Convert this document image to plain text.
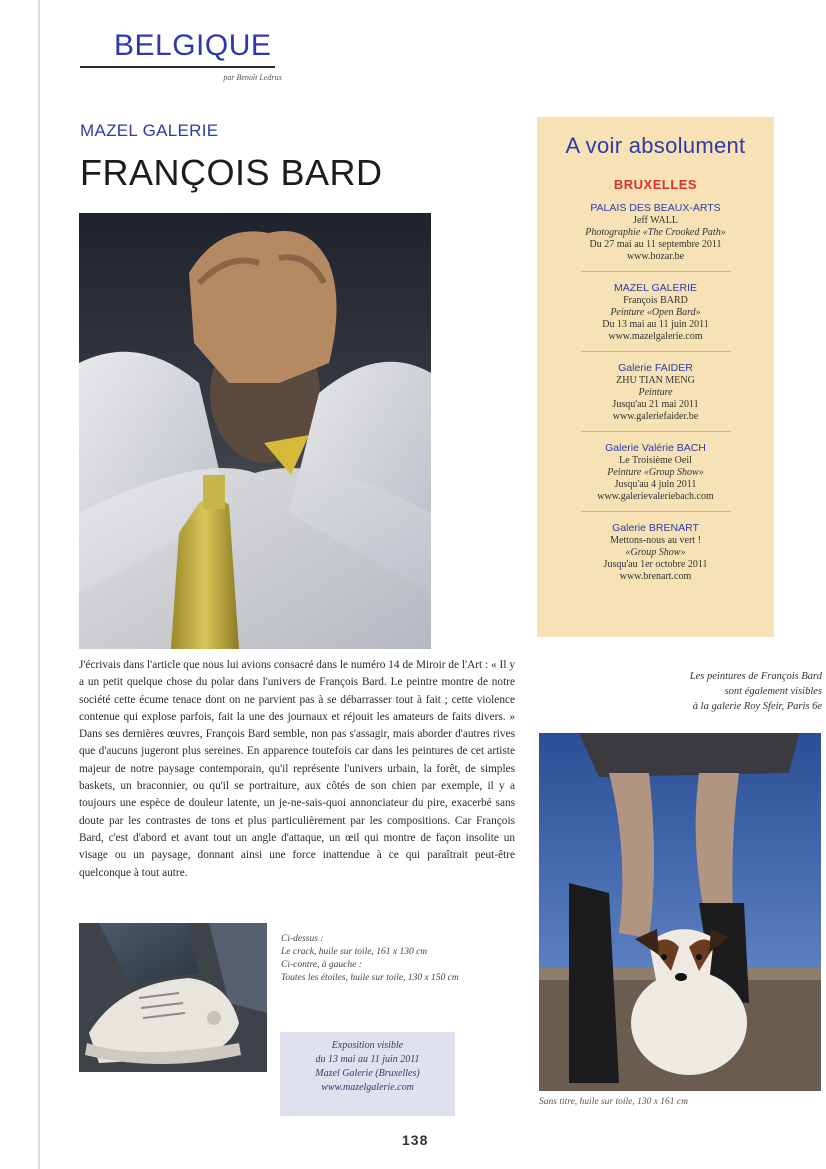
BELGIQUE
par Benoît Ledrux
MAZEL GALERIE
FRANÇOIS BARD
A voir absolument
BRUXELLES
PALAIS DES BEAUX-ARTS
Jeff WALL
Photographie «The Crooked Path»
Du 27 mai au 11 septembre 2011
www.bozar.be
MAZEL GALERIE
François BARD
Peinture «Open Bard»
Du 13 mai au 11 juin 2011
www.mazelgalerie.com
Galerie FAIDER
ZHU TIAN MENG
Peinture
Jusqu'au 21 mai 2011
www.galeriefaider.be
Galerie Valérie BACH
Le Troisième Oeil
Peinture «Group Show»
Jusqu'au 4 juin 2011
www.galerievaleriebach.com
Galerie BRENART
Mettons-nous au vert !
«Group Show»
Jusqu'au 1er octobre 2011
www.brenart.com

J'écrivais dans l'article que nous lui avions consacré dans le numéro 14 de Miroir de l'Art : « Il y a un petit quelque chose du polar dans l'univers de François Bard. Le peintre montre de notre société cette écume tenace dont on ne parvient pas à se débarrasser tout à fait ; cette violence contenue qui explose parfois, fait la une des journaux et réjouit les amateurs de faits divers. » Dans ses dernières œuvres, François Bard semble, non pas s'assagir, mais aborder d'autres rives que d'aucuns jugeront plus sereines. En apparence toutefois car dans les peintures de cet artiste majeur de notre paysage contemporain, qu'il représente l'univers urbain, la forêt, de simples baskets, un braconnier, ou qu'il se portraiture, aux côtés de son chien par exemple, il y a toujours une espèce de douleur latente, un je-ne-sais-quoi annonciateur du pire, exacerbé sans doute par les contrastes de tons et plus particulièrement par les compositions. Car François Bard, c'est d'abord et avant tout un angle d'attaque, un œil qui montre de façon insolite un visage ou un paysage, donnant ainsi une force inattendue à ce qui paraîtrait peut-être quelconque à tout autre.

Les peintures de François Bard
sont également visibles
à la galerie Roy Sfeir, Paris 6e
Sans titre, huile sur toile, 130 x 161 cm
Ci-dessus :
Le crack, huile sur toile, 161 x 130 cm
Ci-contre, à gauche :
Toutes les étoiles, huile sur toile, 130 x 150 cm
Exposition visible
du 13 mai au 11 juin 2011
Mazel Galerie (Bruxelles)
www.mazelgalerie.com
138
